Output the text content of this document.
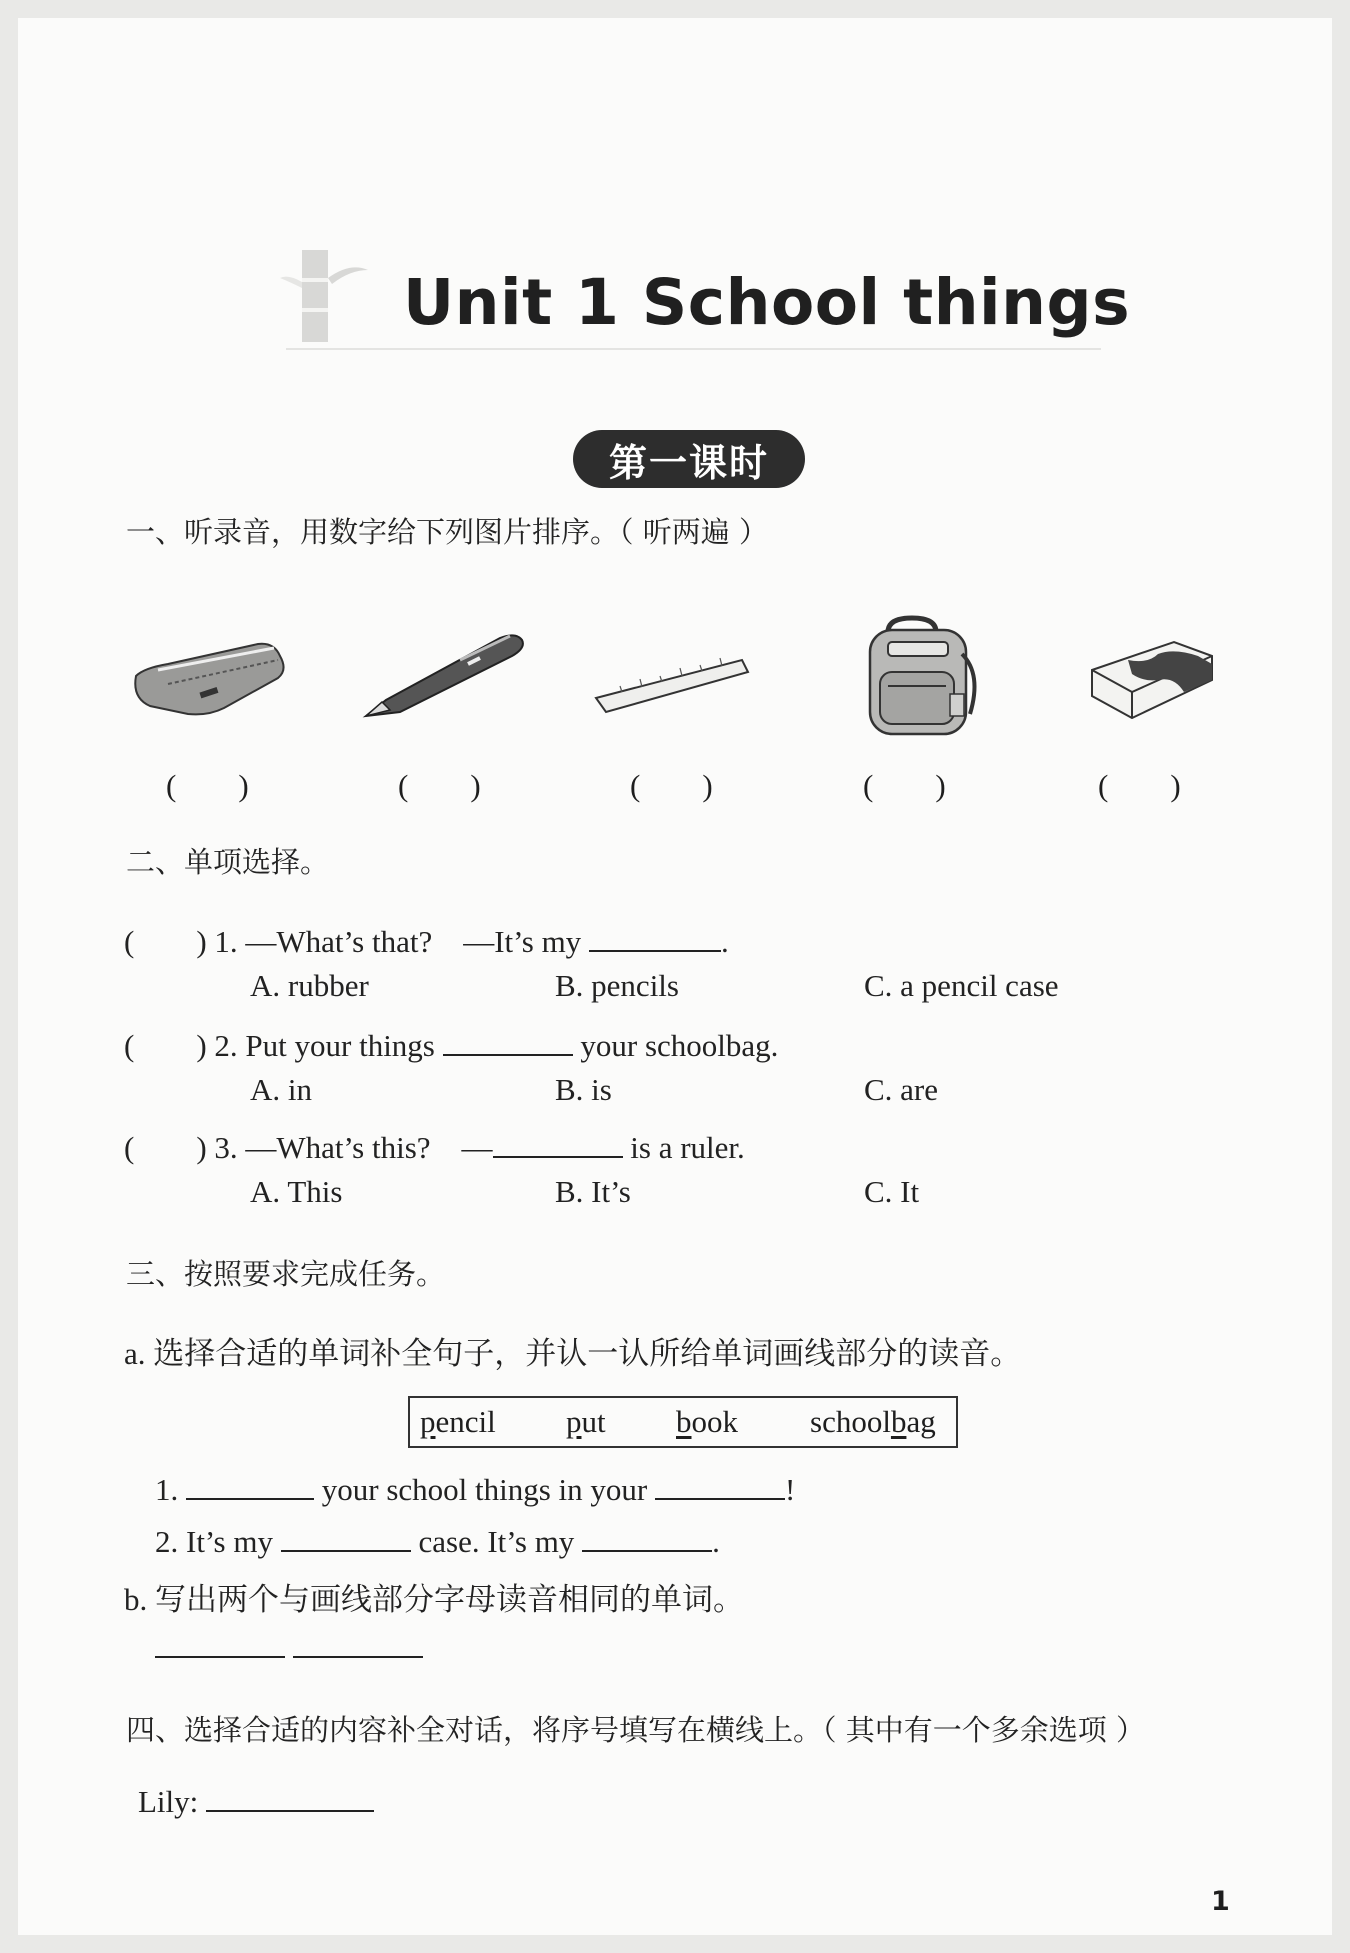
Unit 1 School things
第一课时
一、听录音，用数字给下列图片排序。（ 听两遍 ）
(　　)	(　　)	(　　)	(　　)	(　　)
二、单项选择。
(　　) 1. —What’s that?　—It’s my	.
A. rubber	B. pencils	C. a pencil case
(　　) 2. Put your things	your schoolbag.
A. in	B. is	C. are
(　　) 3. —What’s this?　—	is a ruler.
A. This	B. It’s	C. It
三、按照要求完成任务。
a. 选择合适的单词补全句子，并认一认所给单词画线部分的读音。
pencil put book schoolbag
1.	your school things in your	!
2. It’s my	case. It’s my	.
b. 写出两个与画线部分字母读音相同的单词。
四、选择合适的内容补全对话，将序号填写在横线上。（ 其中有一个多余选项 ）
Lily:
1
